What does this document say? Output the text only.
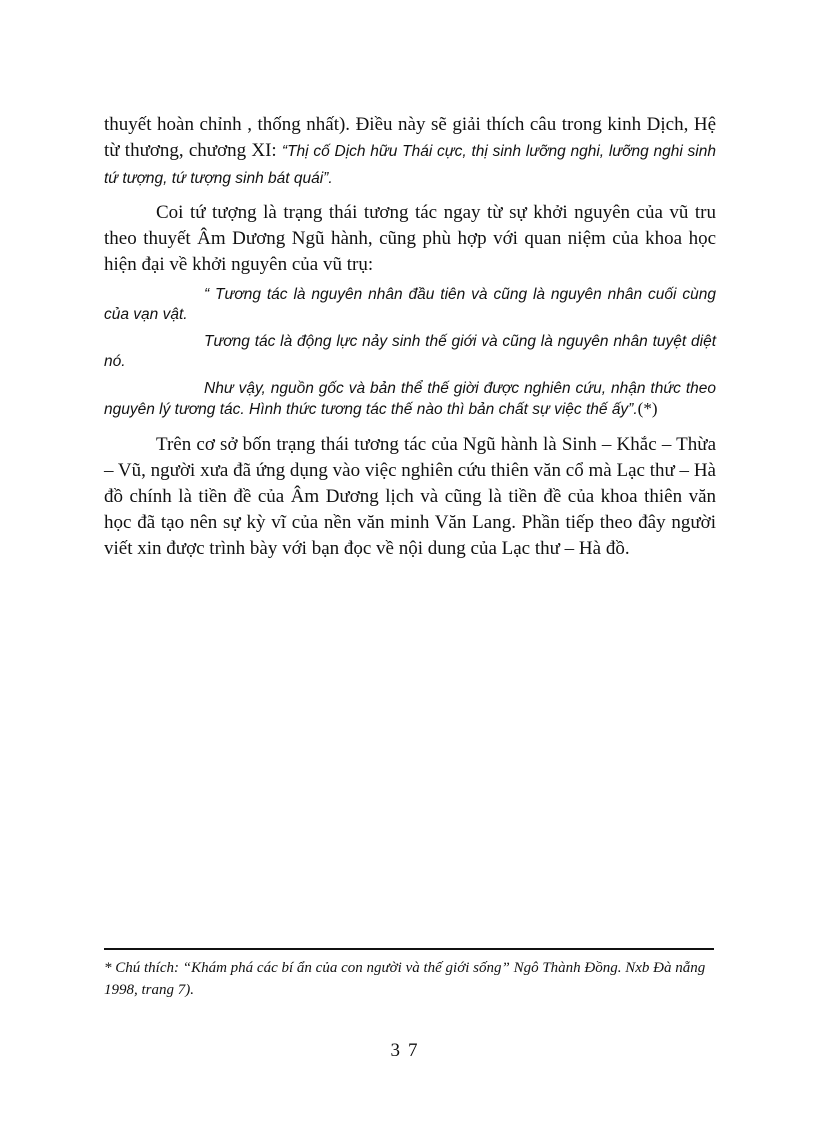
thuyết hoàn chỉnh , thống nhất). Điều này sẽ giải thích câu trong kinh Dịch, Hệ từ thương, chương XI: “Thị cố Dịch hữu Thái cực, thị sinh lưỡng nghi, lưỡng nghi sinh tứ tượng, tứ tượng sinh bát quái”.

Coi tứ tượng là trạng thái tương tác ngay từ sự khởi nguyên của vũ tru theo thuyết Âm Dương Ngũ hành, cũng phù hợp với quan niệm của khoa học hiện đại về khởi nguyên của vũ trụ:

“ Tương tác là nguyên nhân đầu tiên và cũng là nguyên nhân cuối cùng của vạn vật.

Tương tác là động lực nảy sinh thế giới và cũng là nguyên nhân tuyệt diệt nó.

Như vậy, nguồn gốc và bản thể thế giời được nghiên cứu, nhận thức theo nguyên lý tương tác. Hình thức tương tác thế nào thì bản chất sự việc thế ấy”.(*)

Trên cơ sở bốn trạng thái tương tác của Ngũ hành là Sinh – Khắc – Thừa – Vũ, người xưa đã ứng dụng vào việc nghiên cứu thiên văn cổ mà Lạc thư – Hà đồ chính là tiền đề của Âm Dương lịch và cũng là tiền đề của khoa thiên văn học đã tạo nên sự kỳ vĩ của nền văn minh Văn Lang. Phần tiếp theo đây người viết xin được trình bày với bạn đọc về nội dung của Lạc thư – Hà đồ.

* Chú thích: “Khám phá các bí ẩn của con người và thế giới sống” Ngô Thành Đồng. Nxb Đà nẵng 1998, trang 7).

37
